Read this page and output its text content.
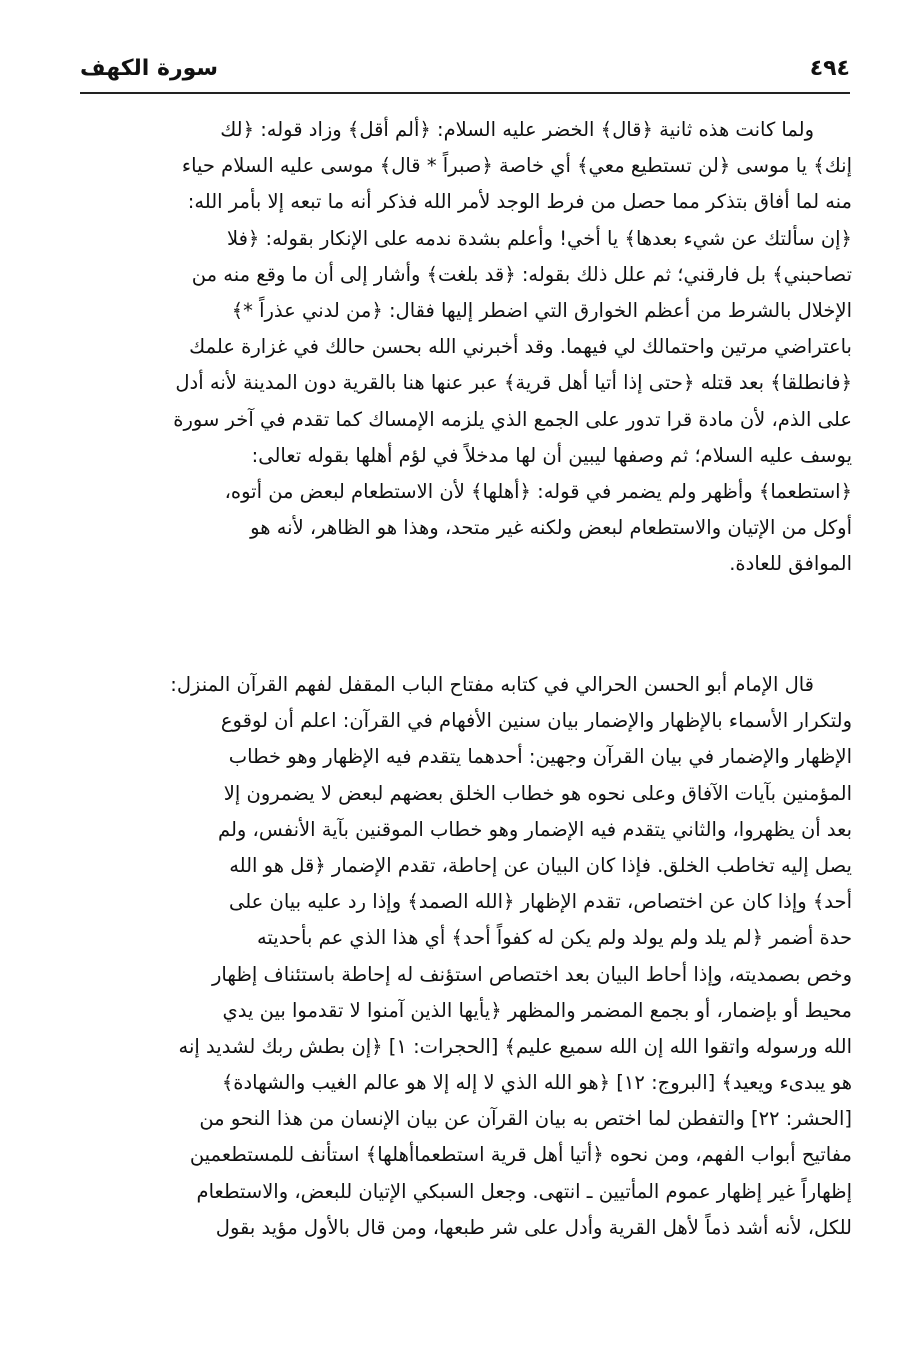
٤٩٤
سورة الكهف
ولما كانت هذه ثانية ﴿قال﴾ الخضر عليه السلام: ﴿ألم أقل﴾ وزاد قوله: ﴿لك
إنك﴾ يا موسى ﴿لن تستطيع معي﴾ أي خاصة ﴿صبراً * قال﴾ موسى عليه السلام حياء
منه لما أفاق بتذكر مما حصل من فرط الوجد لأمر الله فذكر أنه ما تبعه إلا بأمر الله:
﴿إن سألتك عن شيء بعدها﴾ يا أخي! وأعلم بشدة ندمه على الإنكار بقوله: ﴿فلا
تصاحبني﴾ بل فارقني؛ ثم علل ذلك بقوله: ﴿قد بلغت﴾ وأشار إلى أن ما وقع منه من
الإخلال بالشرط من أعظم الخوارق التي اضطر إليها فقال: ﴿من لدني عذراً *﴾
باعتراضي مرتين واحتمالك لي فيهما. وقد أخبرني الله بحسن حالك في غزارة علمك
﴿فانطلقا﴾ بعد قتله ﴿حتى إذا أتيا أهل قرية﴾ عبر عنها هنا بالقرية دون المدينة لأنه أدل
على الذم، لأن مادة قرا تدور على الجمع الذي يلزمه الإمساك كما تقدم في آخر سورة
يوسف عليه السلام؛ ثم وصفها ليبين أن لها مدخلاً في لؤم أهلها بقوله تعالى:
﴿استطعما﴾ وأظهر ولم يضمر في قوله: ﴿أهلها﴾ لأن الاستطعام لبعض من أتوه،
أوكل من الإتيان والاستطعام لبعض ولكنه غير متحد، وهذا هو الظاهر، لأنه هو
الموافق للعادة.
قال الإمام أبو الحسن الحرالي في كتابه مفتاح الباب المقفل لفهم القرآن المنزل:
ولتكرار الأسماء بالإظهار والإضمار بيان سنين الأفهام في القرآن: اعلم أن لوقوع
الإظهار والإضمار في بيان القرآن وجهين: أحدهما يتقدم فيه الإظهار وهو خطاب
المؤمنين بآيات الآفاق وعلى نحوه هو خطاب الخلق بعضهم لبعض لا يضمرون إلا
بعد أن يظهروا، والثاني يتقدم فيه الإضمار وهو خطاب الموقنين بآية الأنفس، ولم
يصل إليه تخاطب الخلق. فإذا كان البيان عن إحاطة، تقدم الإضمار ﴿قل هو الله
أحد﴾ وإذا كان عن اختصاص، تقدم الإظهار ﴿الله الصمد﴾ وإذا رد عليه بيان على
حدة أضمر ﴿لم يلد ولم يولد ولم يكن له كفواً أحد﴾ أي هذا الذي عم بأحديته
وخص بصمديته، وإذا أحاط البيان بعد اختصاص استؤنف له إحاطة باستئناف إظهار
محيط أو بإضمار، أو بجمع المضمر والمظهر ﴿يأيها الذين آمنوا لا تقدموا بين يدي
الله ورسوله واتقوا الله إن الله سميع عليم﴾ [الحجرات: ١] ﴿إن بطش ربك لشديد إنه
هو يبدىء ويعيد﴾ [البروج: ١٢] ﴿هو الله الذي لا إله إلا هو عالم الغيب والشهادة﴾
[الحشر: ٢٢] والتفطن لما اختص به بيان القرآن عن بيان الإنسان من هذا النحو من
مفاتيح أبواب الفهم، ومن نحوه ﴿أتيا أهل قرية استطعماأهلها﴾ استأنف للمستطعمين
إظهاراً غير إظهار عموم المأتيين ـ انتهى. وجعل السبكي الإتيان للبعض، والاستطعام
للكل، لأنه أشد ذماً لأهل القرية وأدل على شر طبعها، ومن قال بالأول مؤيد بقول
